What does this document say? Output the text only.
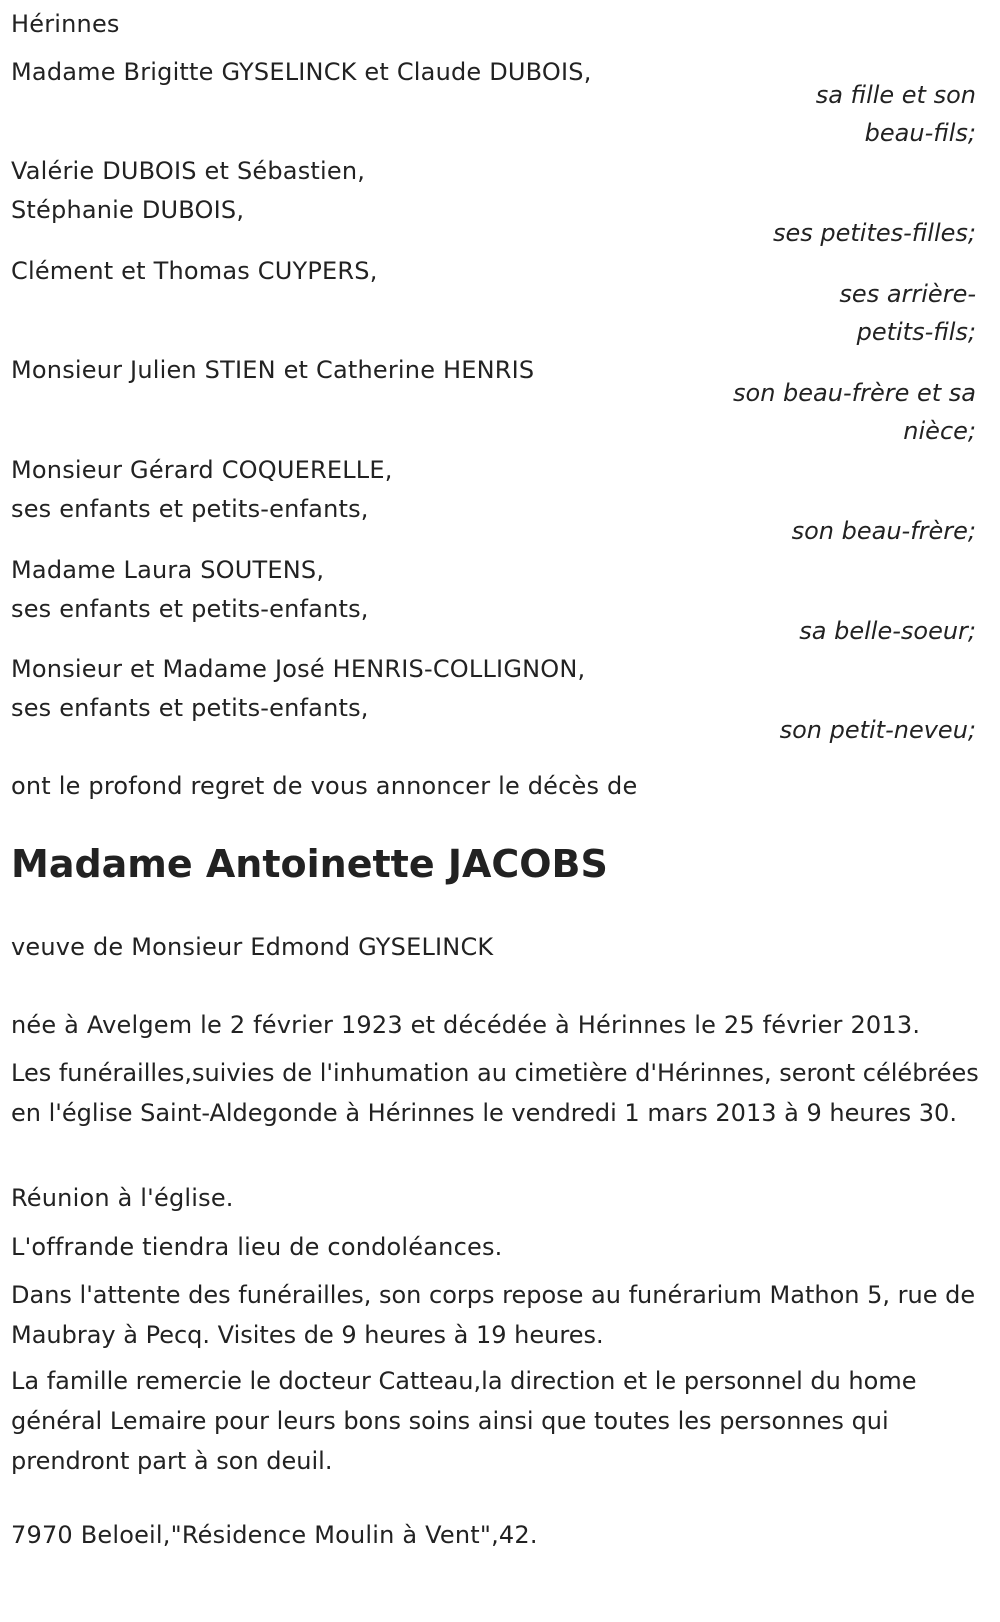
Hérinnes
Madame Brigitte GYSELINCK et Claude DUBOIS,
sa fille et son
beau-fils;
Valérie DUBOIS et Sébastien,
Stéphanie DUBOIS,
ses petites-filles;
Clément et Thomas CUYPERS,
ses arrière-
petits-fils;
Monsieur Julien STIEN et Catherine HENRIS
son beau-frère et sa
nièce;
Monsieur Gérard COQUERELLE,
ses enfants et petits-enfants,
son beau-frère;
Madame Laura SOUTENS,
ses enfants et petits-enfants,
sa belle-soeur;
Monsieur et Madame José HENRIS-COLLIGNON,
ses enfants et petits-enfants,
son petit-neveu;
ont le profond regret de vous annoncer le décès de
Madame Antoinette JACOBS
veuve de Monsieur Edmond GYSELINCK
née à Avelgem le 2 février 1923 et décédée à Hérinnes le 25 février 2013.
Les funérailles,suivies de l'inhumation au cimetière d'Hérinnes, seront célébrées en l'église Saint-Aldegonde à Hérinnes le vendredi 1 mars 2013 à 9 heures 30.
Réunion à l'église.
L'offrande tiendra lieu de condoléances.
Dans l'attente des funérailles, son corps repose au funérarium Mathon 5, rue de Maubray à Pecq. Visites de 9 heures à 19 heures.
La famille remercie le docteur Catteau,la direction et le personnel du home général Lemaire pour leurs bons soins ainsi que toutes les personnes qui prendront part à son deuil.
7970 Beloeil,"Résidence Moulin à Vent",42.
